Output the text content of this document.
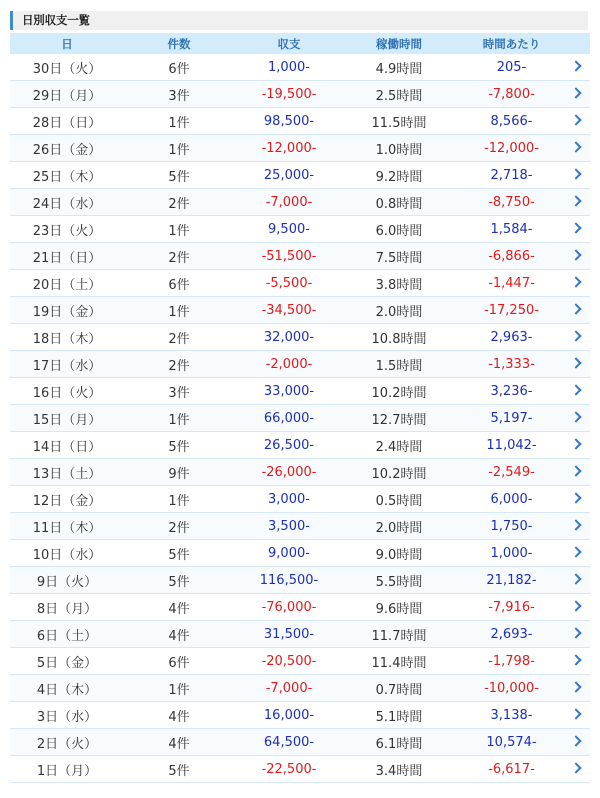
日別収支一覧
日	件数	収支	稼働時間	時間あたり	
30日（火）	6件	1,000-	4.9時間	205-	
29日（月）	3件	-19,500-	2.5時間	-7,800-	
28日（日）	1件	98,500-	11.5時間	8,566-	
26日（金）	1件	-12,000-	1.0時間	-12,000-	
25日（木）	5件	25,000-	9.2時間	2,718-	
24日（水）	2件	-7,000-	0.8時間	-8,750-	
23日（火）	1件	9,500-	6.0時間	1,584-	
21日（日）	2件	-51,500-	7.5時間	-6,866-	
20日（土）	6件	-5,500-	3.8時間	-1,447-	
19日（金）	1件	-34,500-	2.0時間	-17,250-	
18日（木）	2件	32,000-	10.8時間	2,963-	
17日（水）	2件	-2,000-	1.5時間	-1,333-	
16日（火）	3件	33,000-	10.2時間	3,236-	
15日（月）	1件	66,000-	12.7時間	5,197-	
14日（日）	5件	26,500-	2.4時間	11,042-	
13日（土）	9件	-26,000-	10.2時間	-2,549-	
12日（金）	1件	3,000-	0.5時間	6,000-	
11日（木）	2件	3,500-	2.0時間	1,750-	
10日（水）	5件	9,000-	9.0時間	1,000-	
9日（火）	5件	116,500-	5.5時間	21,182-	
8日（月）	4件	-76,000-	9.6時間	-7,916-	
6日（土）	4件	31,500-	11.7時間	2,693-	
5日（金）	6件	-20,500-	11.4時間	-1,798-	
4日（木）	1件	-7,000-	0.7時間	-10,000-	
3日（水）	4件	16,000-	5.1時間	3,138-	
2日（火）	4件	64,500-	6.1時間	10,574-	
1日（月）	5件	-22,500-	3.4時間	-6,617-	
